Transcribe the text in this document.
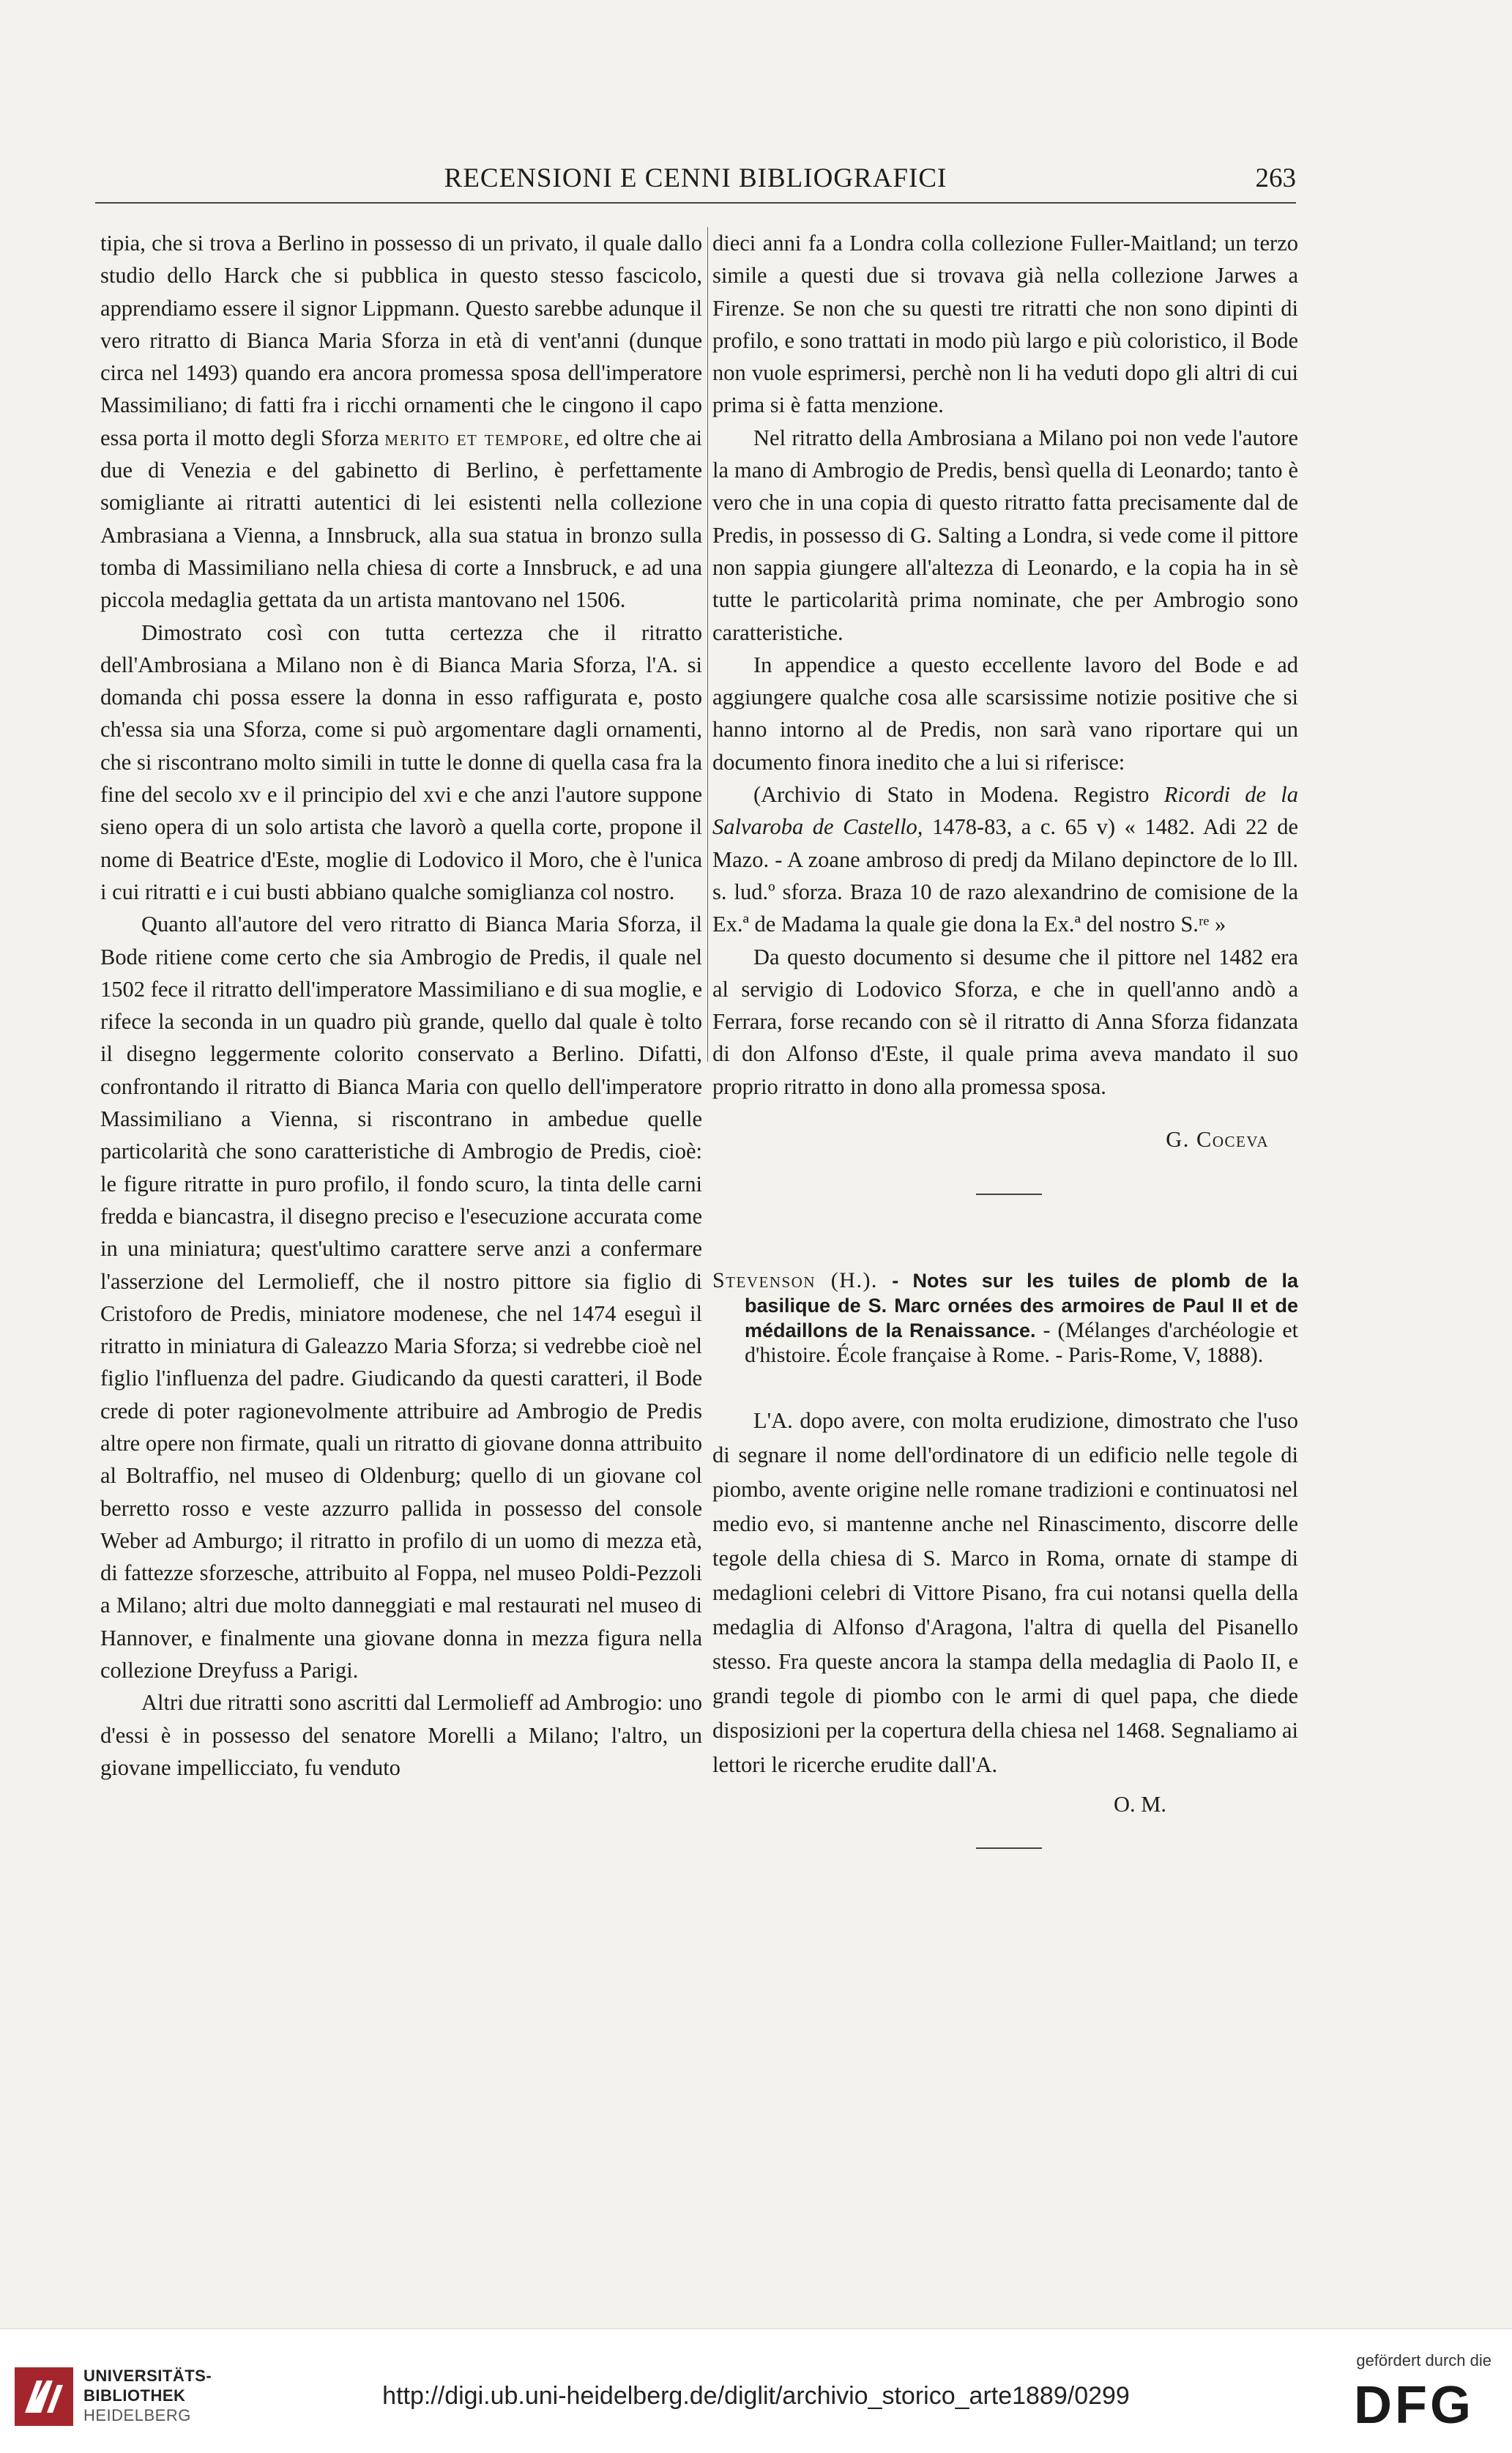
RECENSIONI E CENNI BIBLIOGRAFICI	263

tipia, che si trova a Berlino in possesso di un privato, il quale dallo studio dello Harck che si pubblica in questo stesso fascicolo, apprendiamo essere il signor Lippmann. Questo sarebbe adunque il vero ritratto di Bianca Maria Sforza in età di vent'anni (dunque circa nel 1493) quando era ancora promessa sposa dell'imperatore Massimiliano; di fatti fra i ricchi ornamenti che le cingono il capo essa porta il motto degli Sforza merito et tempore, ed oltre che ai due di Venezia e del gabinetto di Berlino, è perfettamente somigliante ai ritratti autentici di lei esistenti nella collezione Ambrasiana a Vienna, a Innsbruck, alla sua statua in bronzo sulla tomba di Massimiliano nella chiesa di corte a Innsbruck, e ad una piccola medaglia gettata da un artista mantovano nel 1506.

Dimostrato così con tutta certezza che il ritratto dell'Ambrosiana a Milano non è di Bianca Maria Sforza, l'A. si domanda chi possa essere la donna in esso raffigurata e, posto ch'essa sia una Sforza, come si può argomentare dagli ornamenti, che si riscontrano molto simili in tutte le donne di quella casa fra la fine del secolo xv e il principio del xvi e che anzi l'autore suppone sieno opera di un solo artista che lavorò a quella corte, propone il nome di Beatrice d'Este, moglie di Lodovico il Moro, che è l'unica i cui ritratti e i cui busti abbiano qualche somiglianza col nostro.

Quanto all'autore del vero ritratto di Bianca Maria Sforza, il Bode ritiene come certo che sia Ambrogio de Predis, il quale nel 1502 fece il ritratto dell'imperatore Massimiliano e di sua moglie, e rifece la seconda in un quadro più grande, quello dal quale è tolto il disegno leggermente colorito conservato a Berlino. Difatti, confrontando il ritratto di Bianca Maria con quello dell'imperatore Massimiliano a Vienna, si riscontrano in ambedue quelle particolarità che sono caratteristiche di Ambrogio de Predis, cioè: le figure ritratte in puro profilo, il fondo scuro, la tinta delle carni fredda e biancastra, il disegno preciso e l'esecuzione accurata come in una miniatura; quest'ultimo carattere serve anzi a confermare l'asserzione del Lermolieff, che il nostro pittore sia figlio di Cristoforo de Predis, miniatore modenese, che nel 1474 eseguì il ritratto in miniatura di Galeazzo Maria Sforza; si vedrebbe cioè nel figlio l'influenza del padre. Giudicando da questi caratteri, il Bode crede di poter ragionevolmente attribuire ad Ambrogio de Predis altre opere non firmate, quali un ritratto di giovane donna attribuito al Boltraffio, nel museo di Oldenburg; quello di un giovane col berretto rosso e veste azzurro pallida in possesso del console Weber ad Amburgo; il ritratto in profilo di un uomo di mezza età, di fattezze sforzesche, attribuito al Foppa, nel museo Poldi-Pezzoli a Milano; altri due molto danneggiati e mal restaurati nel museo di Hannover, e finalmente una giovane donna in mezza figura nella collezione Dreyfuss a Parigi.

Altri due ritratti sono ascritti dal Lermolieff ad Ambrogio: uno d'essi è in possesso del senatore Morelli a Milano; l'altro, un giovane impellicciato, fu venduto

dieci anni fa a Londra colla collezione Fuller-Maitland; un terzo simile a questi due si trovava già nella collezione Jarwes a Firenze. Se non che su questi tre ritratti che non sono dipinti di profilo, e sono trattati in modo più largo e più coloristico, il Bode non vuole esprimersi, perchè non li ha veduti dopo gli altri di cui prima si è fatta menzione.

Nel ritratto della Ambrosiana a Milano poi non vede l'autore la mano di Ambrogio de Predis, bensì quella di Leonardo; tanto è vero che in una copia di questo ritratto fatta precisamente dal de Predis, in possesso di G. Salting a Londra, si vede come il pittore non sappia giungere all'altezza di Leonardo, e la copia ha in sè tutte le particolarità prima nominate, che per Ambrogio sono caratteristiche.

In appendice a questo eccellente lavoro del Bode e ad aggiungere qualche cosa alle scarsissime notizie positive che si hanno intorno al de Predis, non sarà vano riportare qui un documento finora inedito che a lui si riferisce:

(Archivio di Stato in Modena. Registro Ricordi de la Salvaroba de Castello, 1478-83, a c. 65 v) « 1482. Adi 22 de Mazo. - A zoane ambroso di predj da Milano depinctore de lo Ill. s. lud.º sforza. Braza 10 de razo alexandrino de comisione de la Ex.ª de Madama la quale gie dona la Ex.ª del nostro S.ʳᵉ »

Da questo documento si desume che il pittore nel 1482 era al servigio di Lodovico Sforza, e che in quell'anno andò a Ferrara, forse recando con sè il ritratto di Anna Sforza fidanzata di don Alfonso d'Este, il quale prima aveva mandato il suo proprio ritratto in dono alla promessa sposa.

G. Coceva

Stevenson (H.). - Notes sur les tuiles de plomb de la basilique de S. Marc ornées des armoires de Paul II et de médaillons de la Renaissance. - (Mélanges d'archéologie et d'histoire. École française à Rome. - Paris-Rome, V, 1888).

L'A. dopo avere, con molta erudizione, dimostrato che l'uso di segnare il nome dell'ordinatore di un edificio nelle tegole di piombo, avente origine nelle romane tradizioni e continuatosi nel medio evo, si mantenne anche nel Rinascimento, discorre delle tegole della chiesa di S. Marco in Roma, ornate di stampe di medaglioni celebri di Vittore Pisano, fra cui notansi quella della medaglia di Alfonso d'Aragona, l'altra di quella del Pisanello stesso. Fra queste ancora la stampa della medaglia di Paolo II, e grandi tegole di piombo con le armi di quel papa, che diede disposizioni per la copertura della chiesa nel 1468. Segnaliamo ai lettori le ricerche erudite dall'A.

O. M.

UNIVERSITÄTS-
BIBLIOTHEK
HEIDELBERG
http://digi.ub.uni-heidelberg.de/diglit/archivio_storico_arte1889/0299
gefördert durch die
DFG
